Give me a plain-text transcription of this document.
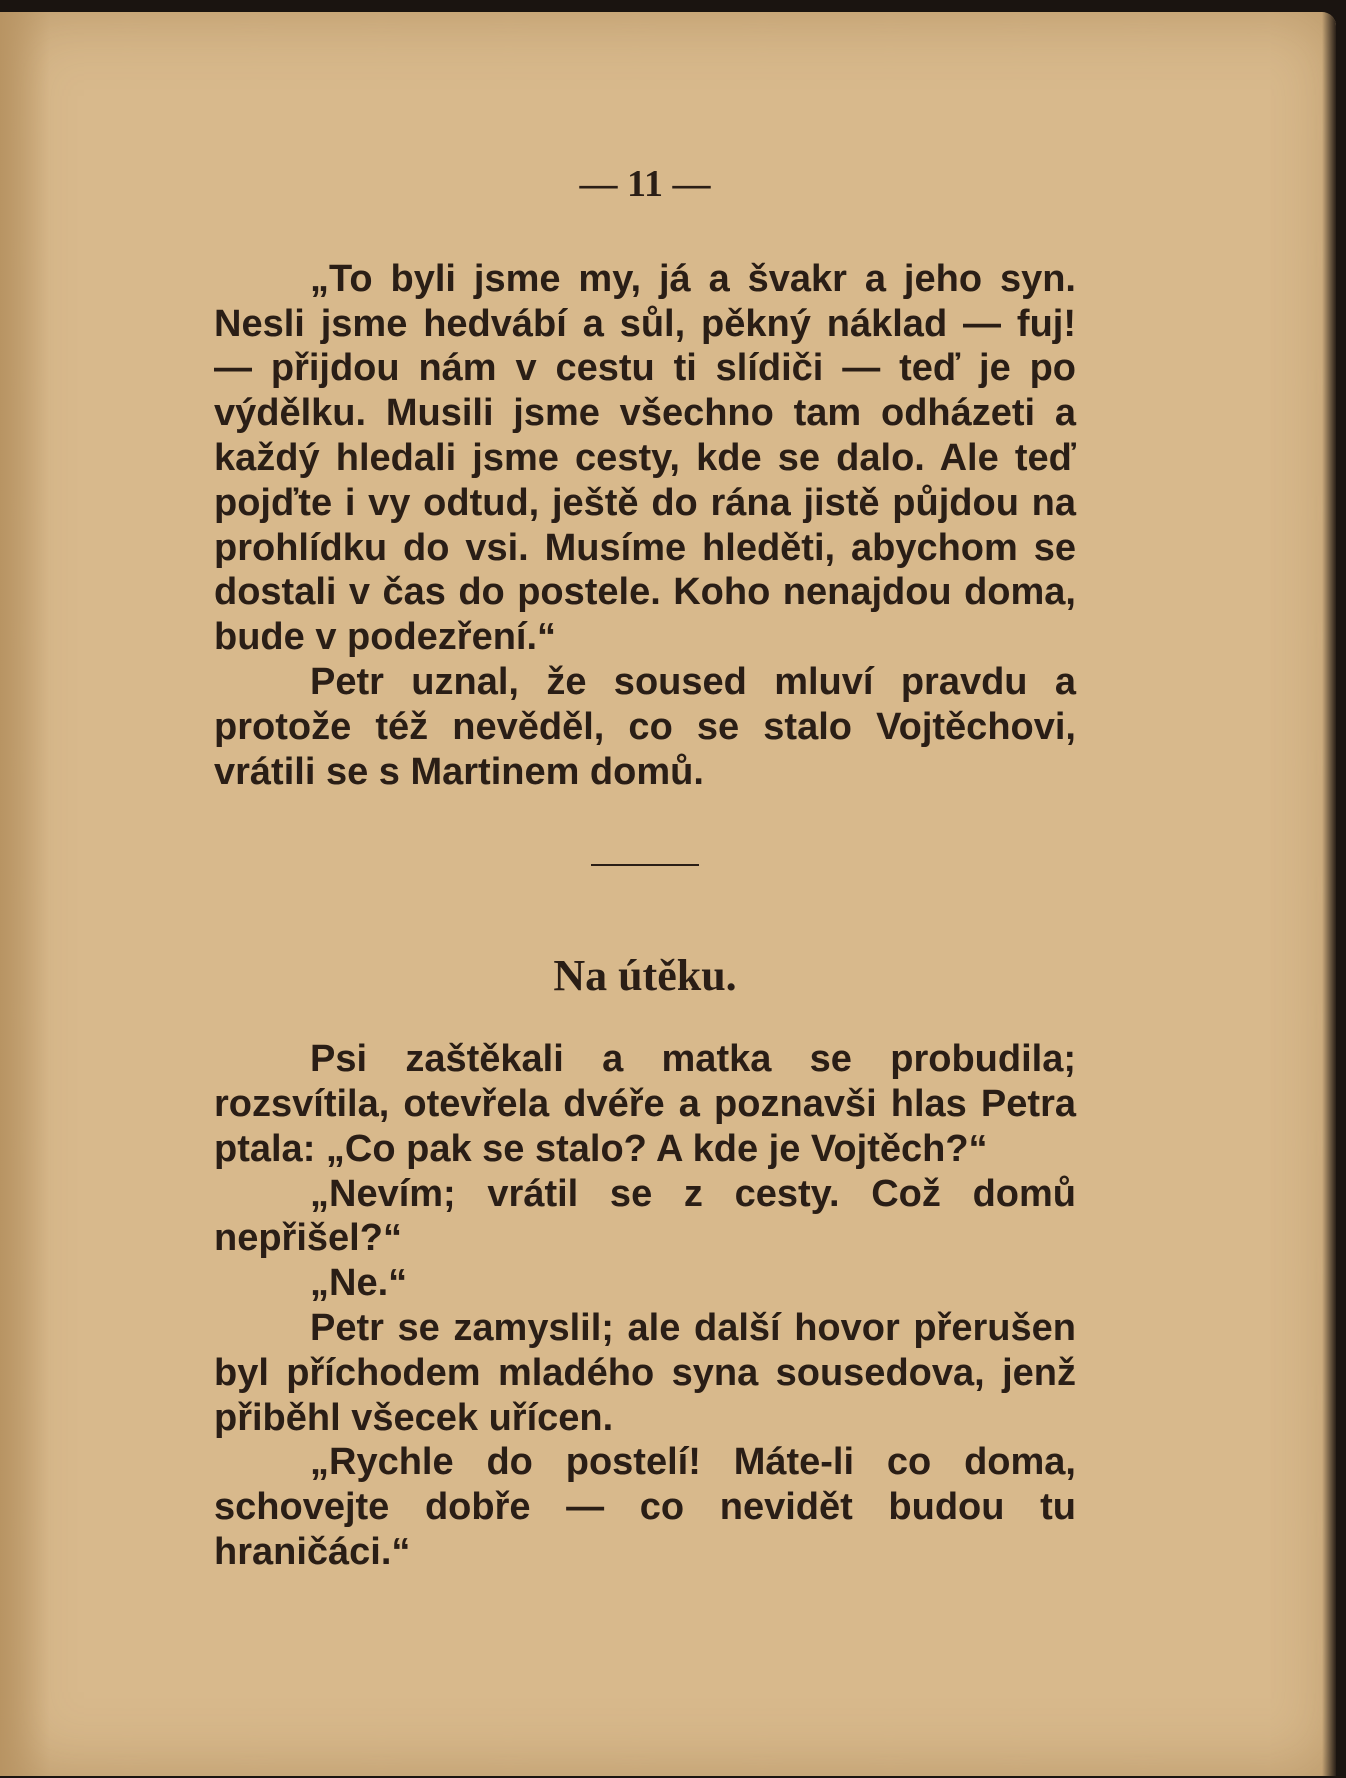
— 11 —

„To byli jsme my, já a švakr a jeho syn. Nesli jsme hedvábí a sůl, pěkný náklad — fuj! — přijdou nám v cestu ti slídiči — teď je po výdělku. Musili jsme všechno tam odházeti a každý hledali jsme cesty, kde se dalo. Ale teď pojďte i vy odtud, ještě do rána jistě půjdou na prohlídku do vsi. Musíme hleděti, abychom se dostali v čas do postele. Koho nenajdou doma, bude v podezření.“

Petr uznal, že soused mluví pravdu a protože též nevěděl, co se stalo Vojtěchovi, vrátili se s Martinem domů.

Na útěku.

Psi zaštěkali a matka se probudila; rozsvítila, otevřela dvéře a poznavši hlas Petra ptala: „Co pak se stalo? A kde je Vojtěch?“

„Nevím; vrátil se z cesty. Což domů nepřišel?“

„Ne.“

Petr se zamyslil; ale další hovor přerušen byl příchodem mladého syna sousedova, jenž přiběhl všecek uřícen.

„Rychle do postelí! Máte-li co doma, schovejte dobře — co nevidět budou tu hraničáci.“
